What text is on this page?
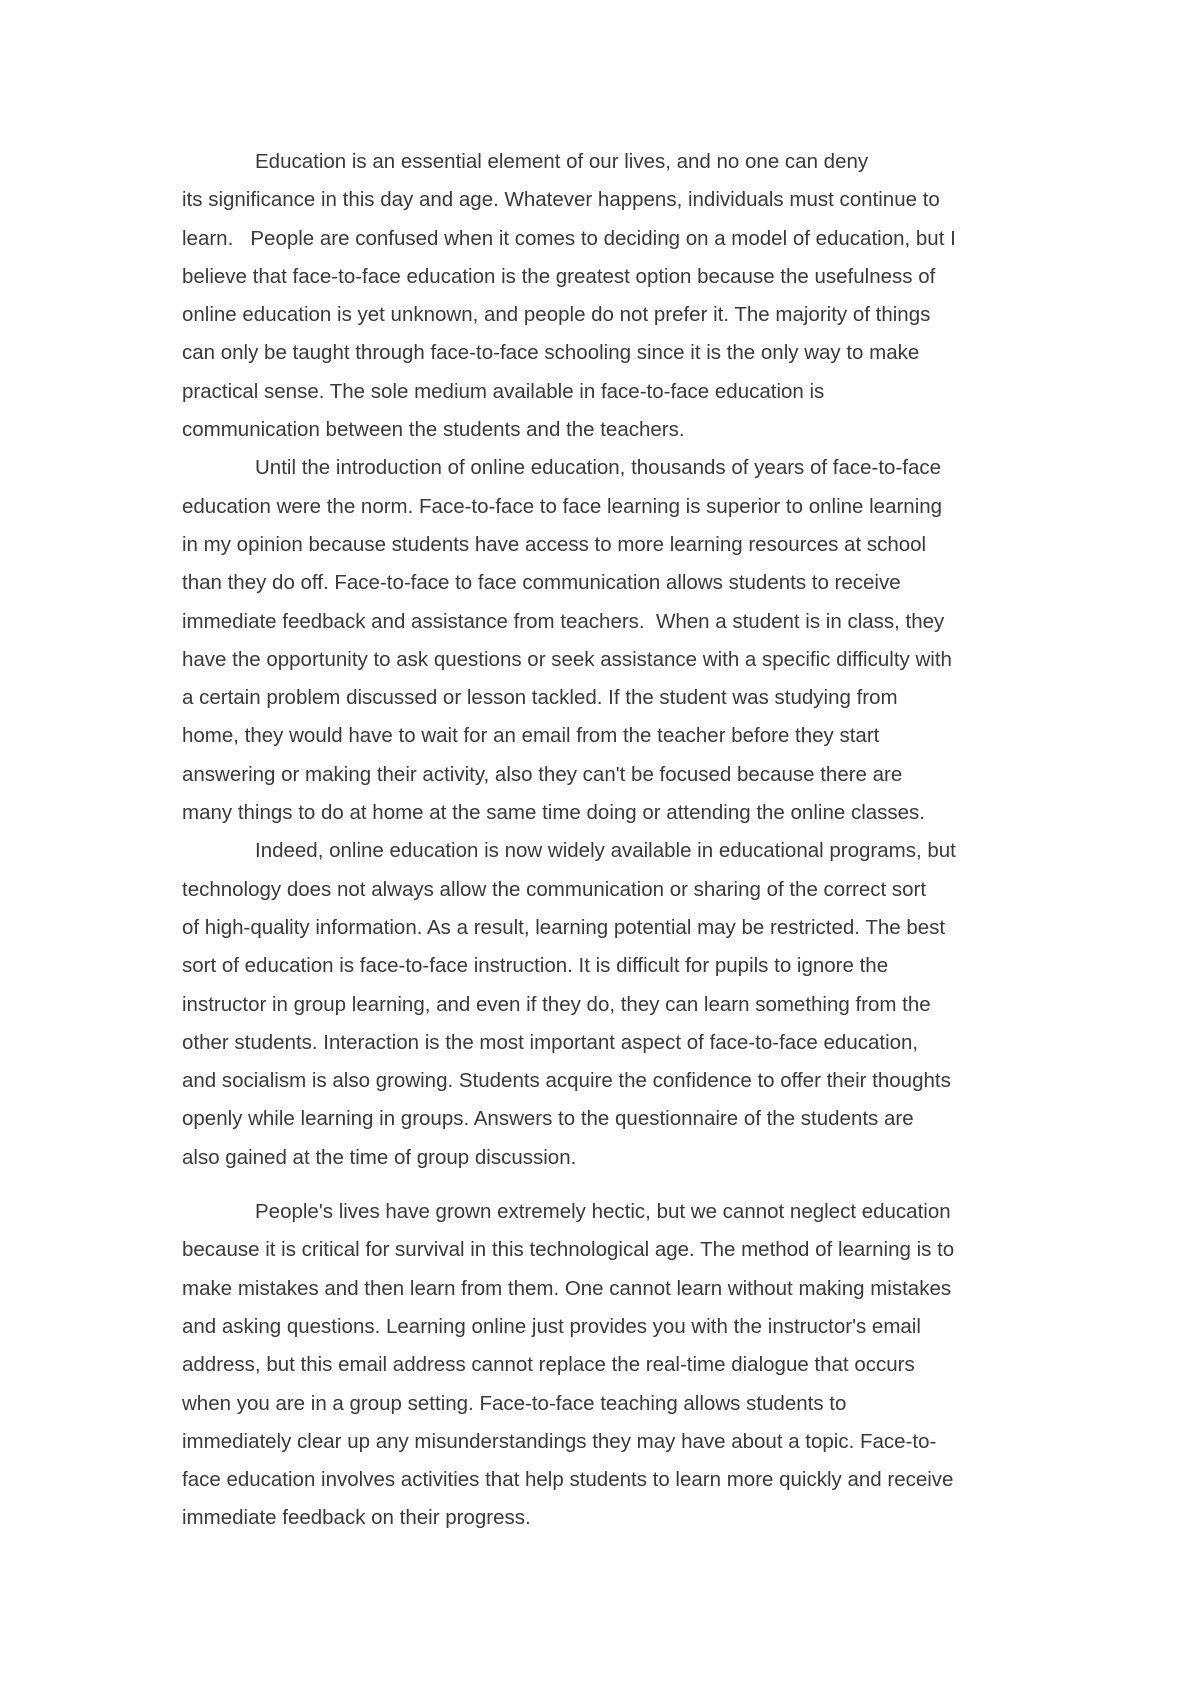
Education is an essential element of our lives, and no one can deny
its significance in this day and age. Whatever happens, individuals must continue to
learn.   People are confused when it comes to deciding on a model of education, but I
believe that face-to-face education is the greatest option because the usefulness of
online education is yet unknown, and people do not prefer it. The majority of things
can only be taught through face-to-face schooling since it is the only way to make
practical sense. The sole medium available in face-to-face education is
communication between the students and the teachers.
Until the introduction of online education, thousands of years of face-to-face
education were the norm. Face-to-face to face learning is superior to online learning
in my opinion because students have access to more learning resources at school
than they do off. Face-to-face to face communication allows students to receive
immediate feedback and assistance from teachers.  When a student is in class, they
have the opportunity to ask questions or seek assistance with a specific difficulty with
a certain problem discussed or lesson tackled. If the student was studying from
home, they would have to wait for an email from the teacher before they start
answering or making their activity, also they can't be focused because there are
many things to do at home at the same time doing or attending the online classes.
Indeed, online education is now widely available in educational programs, but
technology does not always allow the communication or sharing of the correct sort
of high-quality information. As a result, learning potential may be restricted. The best
sort of education is face-to-face instruction. It is difficult for pupils to ignore the
instructor in group learning, and even if they do, they can learn something from the
other students. Interaction is the most important aspect of face-to-face education,
and socialism is also growing. Students acquire the confidence to offer their thoughts
openly while learning in groups. Answers to the questionnaire of the students are
also gained at the time of group discussion.
People's lives have grown extremely hectic, but we cannot neglect education
because it is critical for survival in this technological age. The method of learning is to
make mistakes and then learn from them. One cannot learn without making mistakes
and asking questions. Learning online just provides you with the instructor's email
address, but this email address cannot replace the real-time dialogue that occurs
when you are in a group setting. Face-to-face teaching allows students to
immediately clear up any misunderstandings they may have about a topic. Face-to-
face education involves activities that help students to learn more quickly and receive
immediate feedback on their progress.
